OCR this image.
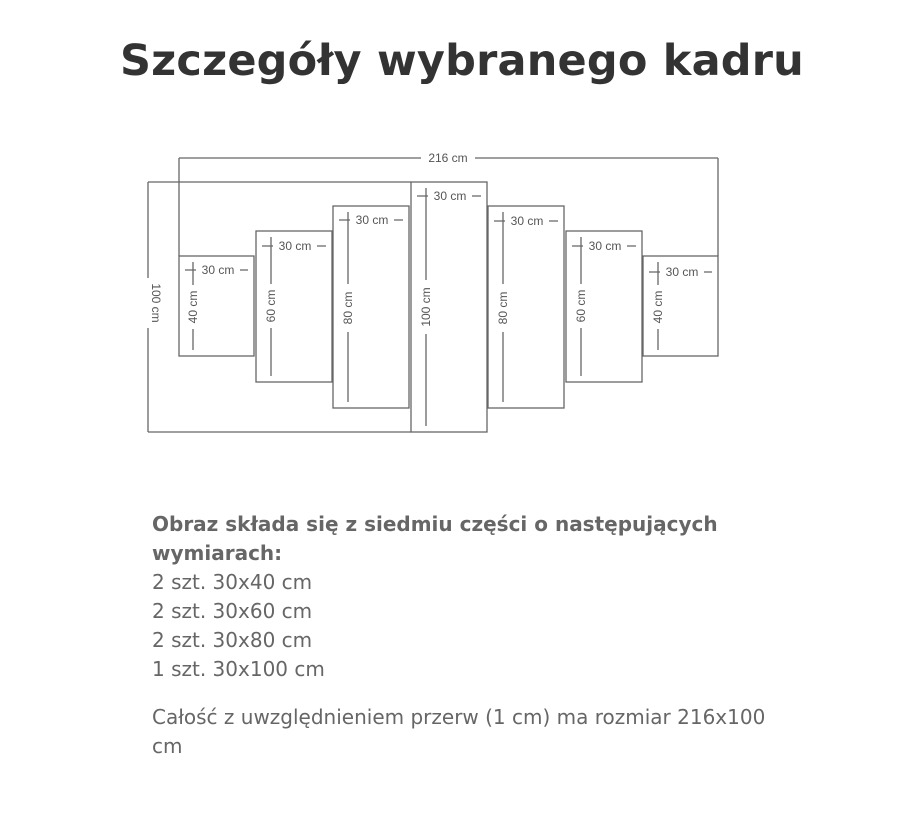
Szczegóły wybranego kadru
216 cm
100 cm
30 cm
30 cm
30 cm
30 cm
30 cm
30 cm
30 cm
40 cm	60 cm	80 cm	100 cm	80 cm	60 cm	40 cm
Obraz składa się z siedmiu części o następujących wymiarach:
2 szt. 30x40 cm
2 szt. 30x60 cm
2 szt. 30x80 cm
1 szt. 30x100 cm
Całość z uwzględnieniem przerw (1 cm) ma rozmiar 216x100 cm
